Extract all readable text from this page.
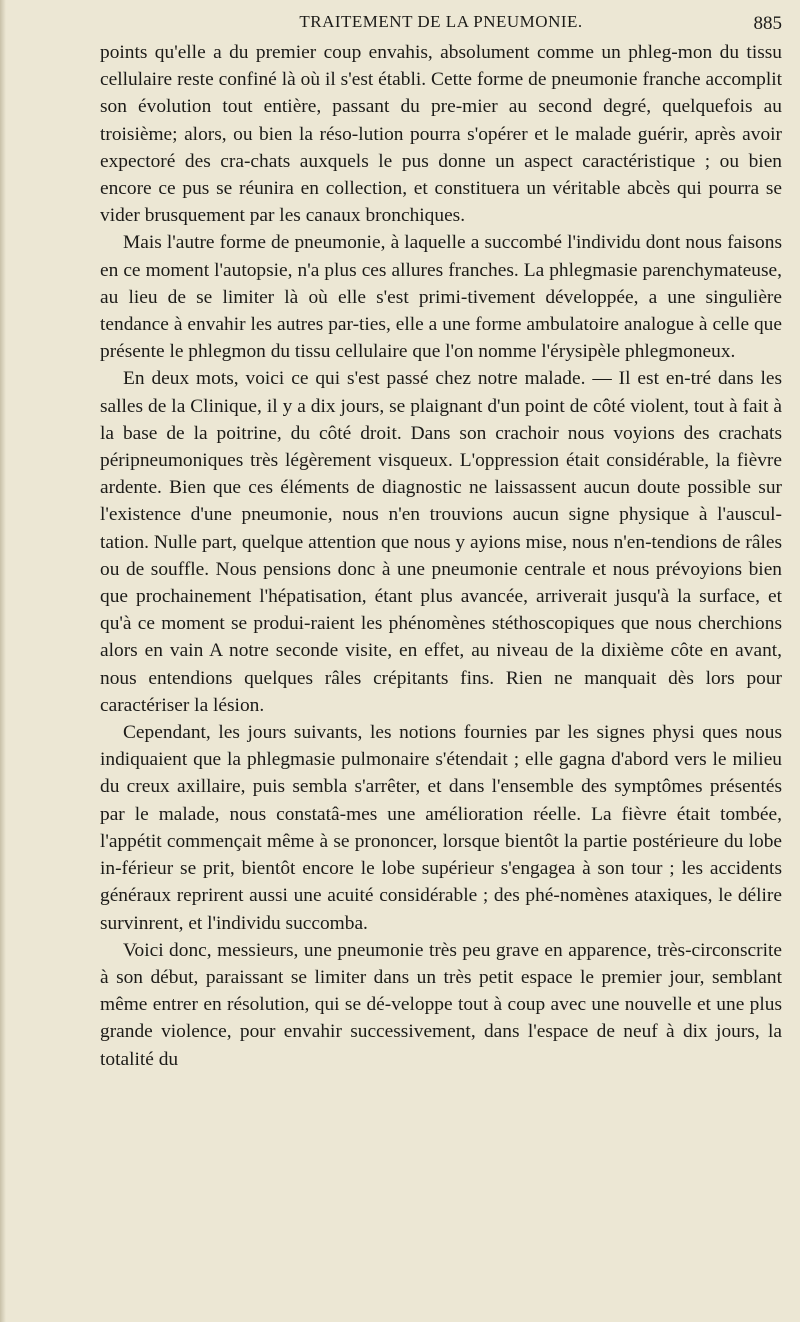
TRAITEMENT DE LA PNEUMONIE.	885

points qu'elle a du premier coup envahis, absolument comme un phleg-mon du tissu cellulaire reste confiné là où il s'est établi. Cette forme de pneumonie franche accomplit son évolution tout entière, passant du pre-mier au second degré, quelquefois au troisième; alors, ou bien la réso-lution pourra s'opérer et le malade guérir, après avoir expectoré des cra-chats auxquels le pus donne un aspect caractéristique ; ou bien encore ce pus se réunira en collection, et constituera un véritable abcès qui pourra se vider brusquement par les canaux bronchiques.

Mais l'autre forme de pneumonie, à laquelle a succombé l'individu dont nous faisons en ce moment l'autopsie, n'a plus ces allures franches. La phlegmasie parenchymateuse, au lieu de se limiter là où elle s'est primi-tivement développée, a une singulière tendance à envahir les autres par-ties, elle a une forme ambulatoire analogue à celle que présente le phlegmon du tissu cellulaire que l'on nomme l'érysipèle phlegmoneux.

En deux mots, voici ce qui s'est passé chez notre malade. — Il est en-tré dans les salles de la Clinique, il y a dix jours, se plaignant d'un point de côté violent, tout à fait à la base de la poitrine, du côté droit. Dans son crachoir nous voyions des crachats péripneumoniques très légèrement visqueux. L'oppression était considérable, la fièvre ardente. Bien que ces éléments de diagnostic ne laissassent aucun doute possible sur l'existence d'une pneumonie, nous n'en trouvions aucun signe physique à l'auscul-tation. Nulle part, quelque attention que nous y ayions mise, nous n'en-tendions de râles ou de souffle. Nous pensions donc à une pneumonie centrale et nous prévoyions bien que prochainement l'hépatisation, étant plus avancée, arriverait jusqu'à la surface, et qu'à ce moment se produi-raient les phénomènes stéthoscopiques que nous cherchions alors en vain A notre seconde visite, en effet, au niveau de la dixième côte en avant, nous entendions quelques râles crépitants fins. Rien ne manquait dès lors pour caractériser la lésion.

Cependant, les jours suivants, les notions fournies par les signes physi ques nous indiquaient que la phlegmasie pulmonaire s'étendait ; elle gagna d'abord vers le milieu du creux axillaire, puis sembla s'arrêter, et dans l'ensemble des symptômes présentés par le malade, nous constatâ-mes une amélioration réelle. La fièvre était tombée, l'appétit commençait même à se prononcer, lorsque bientôt la partie postérieure du lobe in-férieur se prit, bientôt encore le lobe supérieur s'engagea à son tour ; les accidents généraux reprirent aussi une acuité considérable ; des phé-nomènes ataxiques, le délire survinrent, et l'individu succomba.

Voici donc, messieurs, une pneumonie très peu grave en apparence, très-circonscrite à son début, paraissant se limiter dans un très petit espace le premier jour, semblant même entrer en résolution, qui se dé-veloppe tout à coup avec une nouvelle et une plus grande violence, pour envahir successivement, dans l'espace de neuf à dix jours, la totalité du
